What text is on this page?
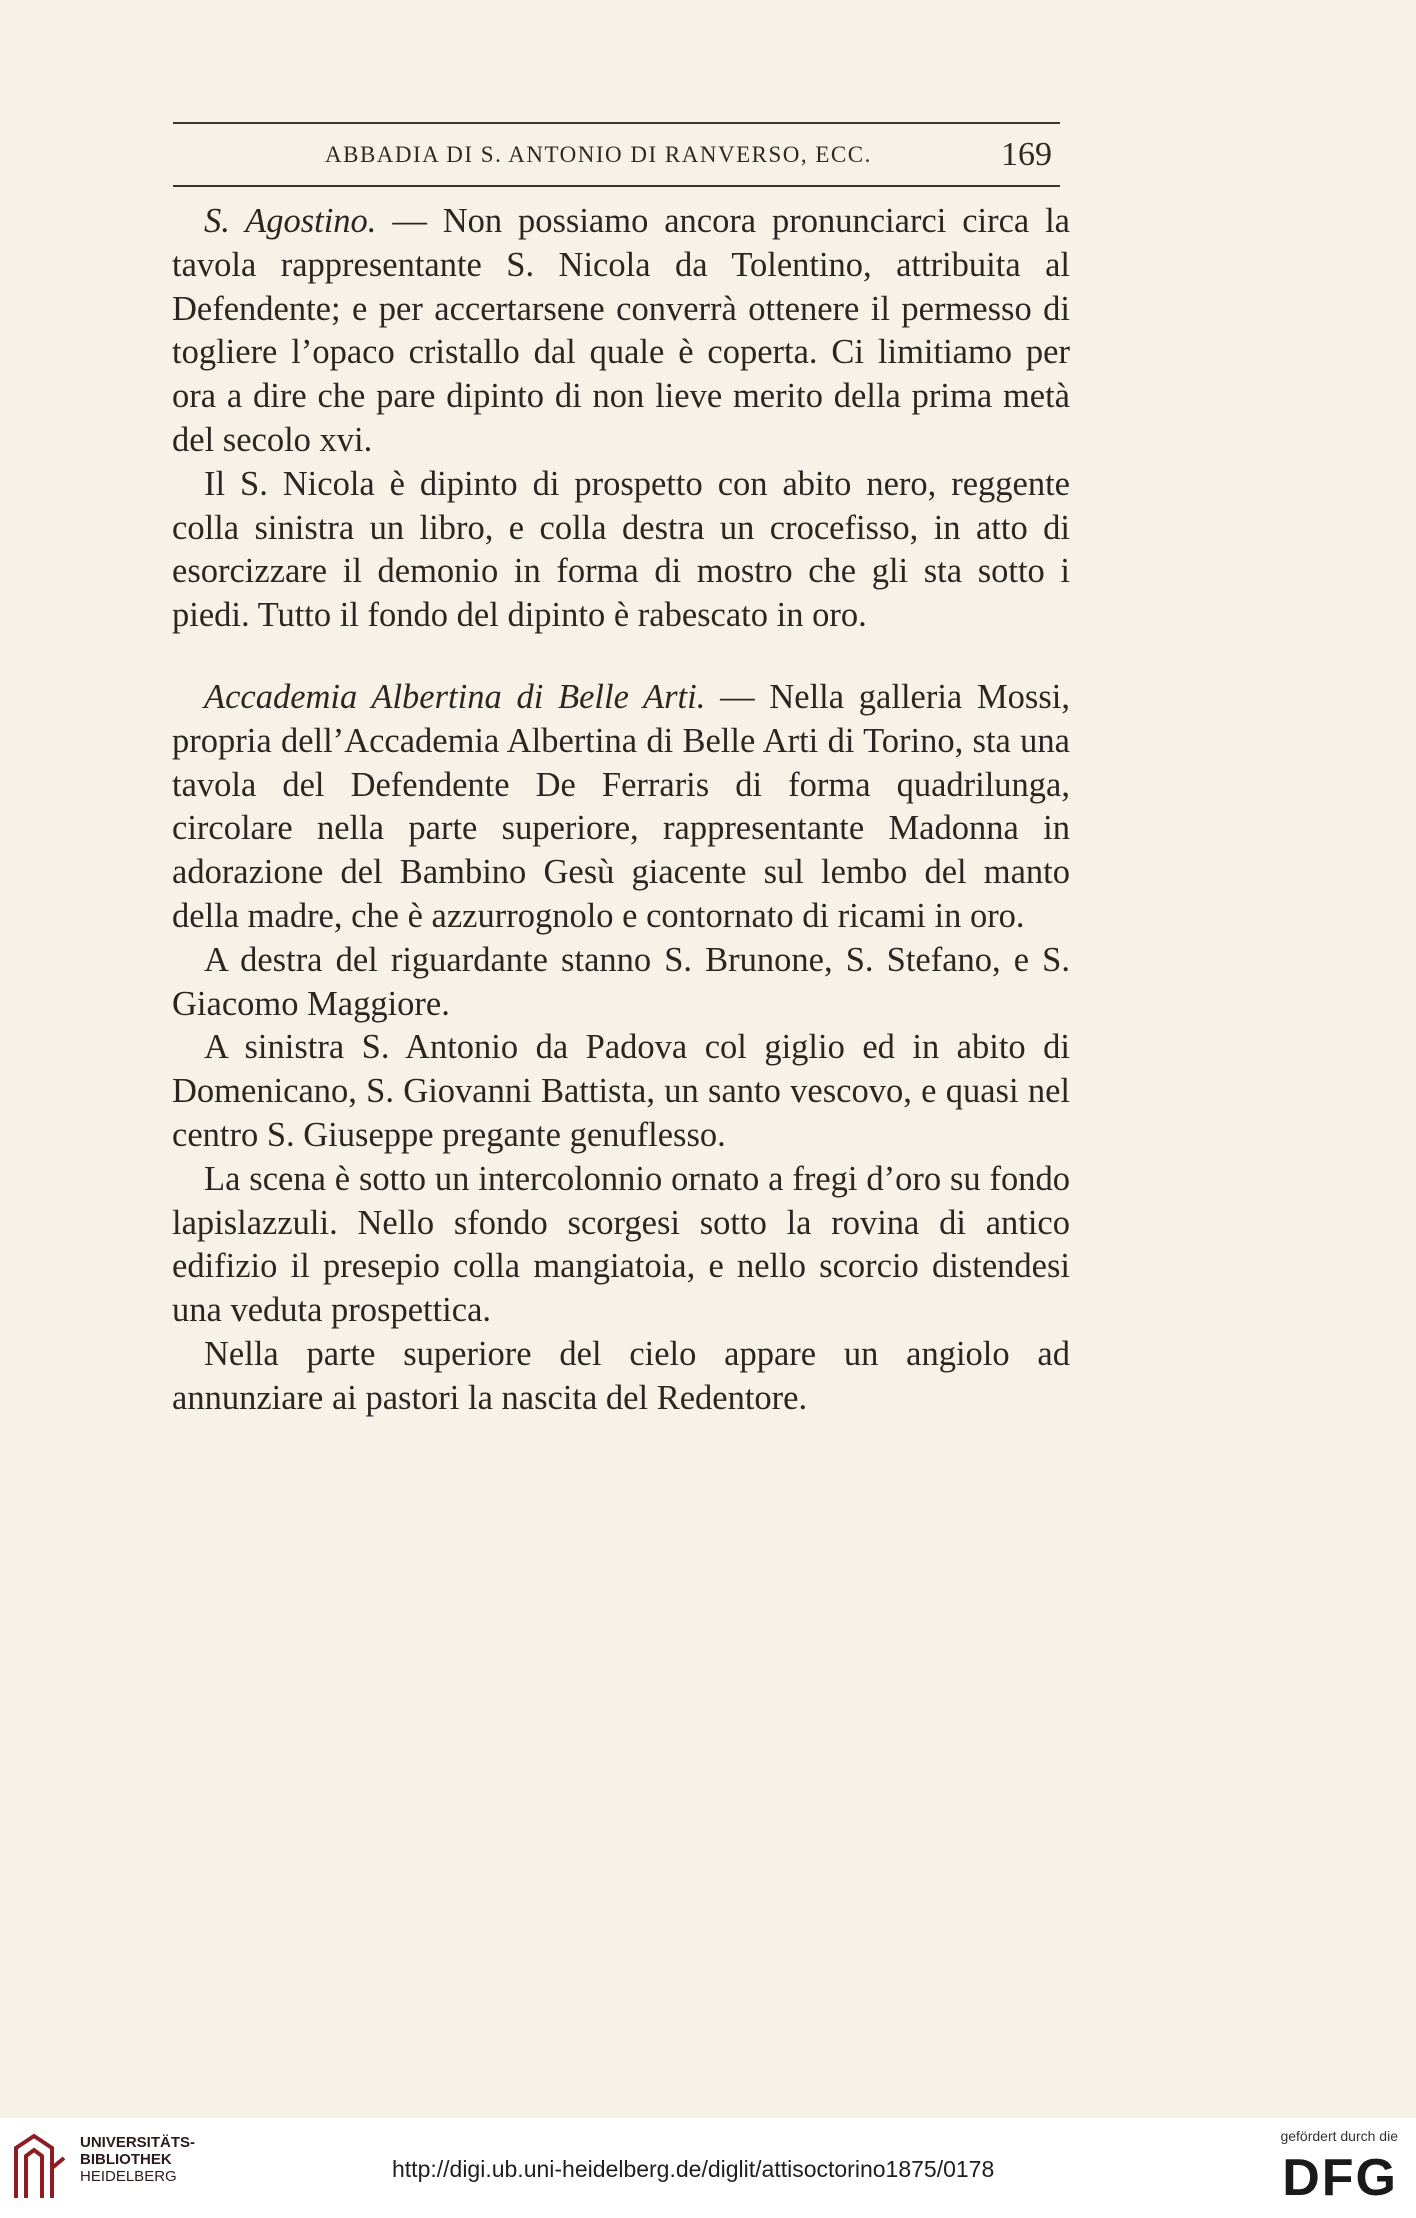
ABBADIA DI S. ANTONIO DI RANVERSO, ECC.	169

S. Agostino. — Non possiamo ancora pronunciarci circa la tavola rappresentante S. Nicola da Tolentino, attribuita al Defendente; e per accertarsene converrà ottenere il permesso di togliere l’opaco cristallo dal quale è coperta. Ci limitiamo per ora a dire che pare dipinto di non lieve merito della prima metà del secolo xvi.

Il S. Nicola è dipinto di prospetto con abito nero, reggente colla sinistra un libro, e colla destra un crocefisso, in atto di esorcizzare il demonio in forma di mostro che gli sta sotto i piedi. Tutto il fondo del dipinto è rabescato in oro.

Accademia Albertina di Belle Arti. — Nella galleria Mossi, propria dell’Accademia Albertina di Belle Arti di Torino, sta una tavola del Defendente De Ferraris di forma quadrilunga, circolare nella parte superiore, rappresentante Madonna in adorazione del Bambino Gesù giacente sul lembo del manto della madre, che è azzurrognolo e contornato di ricami in oro.

A destra del riguardante stanno S. Brunone, S. Stefano, e S. Giacomo Maggiore.

A sinistra S. Antonio da Padova col giglio ed in abito di Domenicano, S. Giovanni Battista, un santo vescovo, e quasi nel centro S. Giuseppe pregante genuflesso.

La scena è sotto un intercolonnio ornato a fregi d’oro su fondo lapislazzuli. Nello sfondo scorgesi sotto la rovina di antico edifizio il presepio colla mangiatoia, e nello scorcio distendesi una veduta prospettica.

Nella parte superiore del cielo appare un angiolo ad annunziare ai pastori la nascita del Redentore.

UNIVERSITÄTS-
BIBLIOTHEK
HEIDELBERG	http://digi.ub.uni-heidelberg.de/diglit/attisoctorino1875/0178
gefördert durch die
DFG
